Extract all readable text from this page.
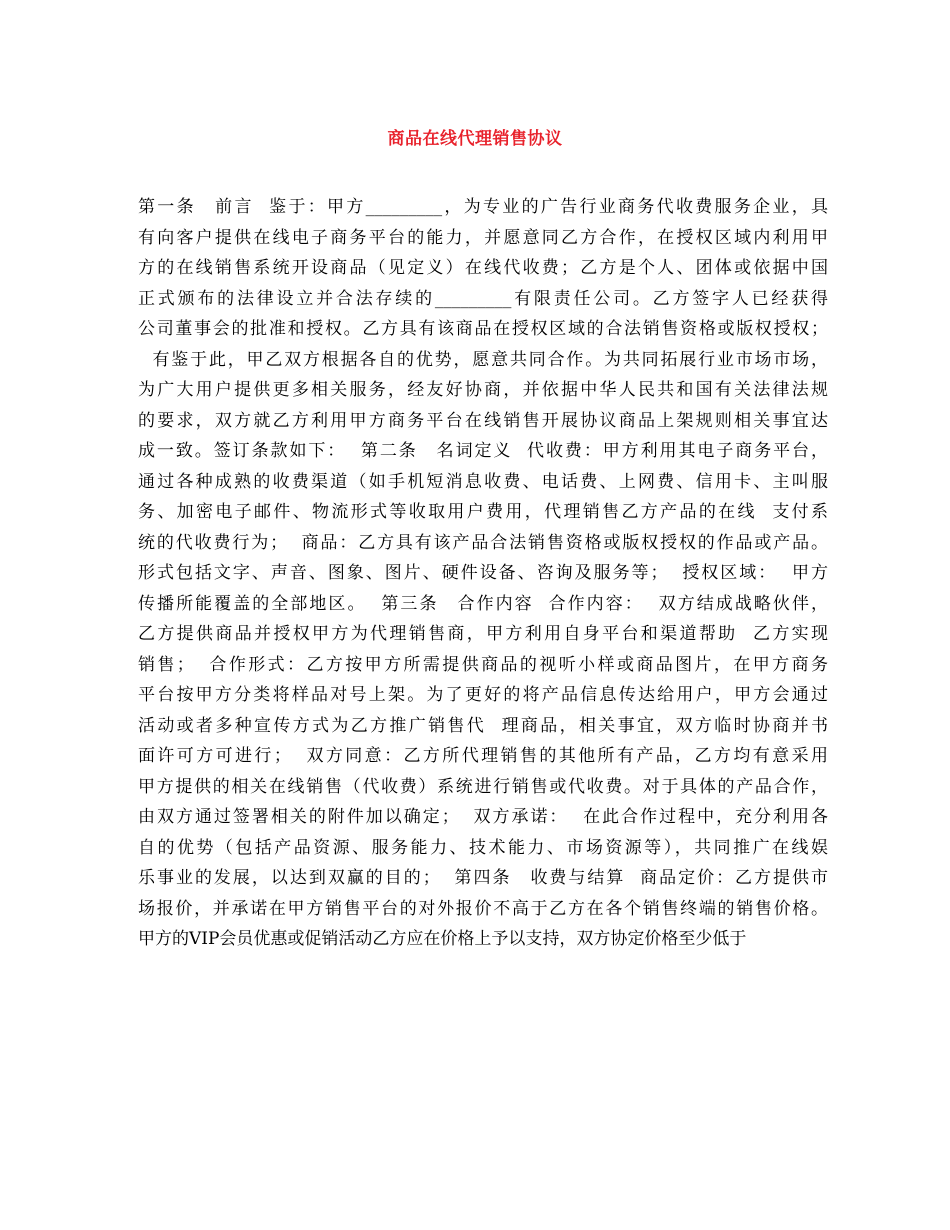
商品在线代理销售协议
第一条　前言  鉴于：甲方_________，为专业的广告行业商务代收费服务企业，具
有向客户提供在线电子商务平台的能力，并愿意同乙方合作，在授权区域内利用甲
方的在线销售系统开设商品（见定义）在线代收费；乙方是个人、团体或依据中国
正式颁布的法律设立并合法存续的_________有限责任公司。乙方签字人已经获得
公司董事会的批准和授权。乙方具有该商品在授权区域的合法销售资格或版权授权；
有鉴于此，甲乙双方根据各自的优势，愿意共同合作。为共同拓展行业市场市场，
为广大用户提供更多相关服务，经友好协商，并依据中华人民共和国有关法律法规
的要求，双方就乙方利用甲方商务平台在线销售开展协议商品上架规则相关事宜达
成一致。签订条款如下：  第二条　名词定义  代收费：甲方利用其电子商务平台，
通过各种成熟的收费渠道（如手机短消息收费、电话费、上网费、信用卡、主叫服
务、加密电子邮件、物流形式等收取用户费用，代理销售乙方产品的在线  支付系
统的代收费行为；  商品：乙方具有该产品合法销售资格或版权授权的作品或产品。
形式包括文字、声音、图象、图片、硬件设备、咨询及服务等；  授权区域：  甲方
传播所能覆盖的全部地区。  第三条　合作内容  合作内容：  双方结成战略伙伴，
乙方提供商品并授权甲方为代理销售商，甲方利用自身平台和渠道帮助  乙方实现
销售；  合作形式：乙方按甲方所需提供商品的视听小样或商品图片，在甲方商务
平台按甲方分类将样品对号上架。为了更好的将产品信息传达给用户，甲方会通过
活动或者多种宣传方式为乙方推广销售代  理商品，相关事宜，双方临时协商并书
面许可方可进行；  双方同意：乙方所代理销售的其他所有产品，乙方均有意采用
甲方提供的相关在线销售（代收费）系统进行销售或代收费。对于具体的产品合作，
由双方通过签署相关的附件加以确定；  双方承诺：  在此合作过程中，充分利用各
自的优势（包括产品资源、服务能力、技术能力、市场资源等），共同推广在线娱
乐事业的发展，以达到双赢的目的；  第四条　收费与结算  商品定价：乙方提供市
场报价，并承诺在甲方销售平台的对外报价不高于乙方在各个销售终端的销售价格。
甲方的VIP会员优惠或促销活动乙方应在价格上予以支持，双方协定价格至少低于
